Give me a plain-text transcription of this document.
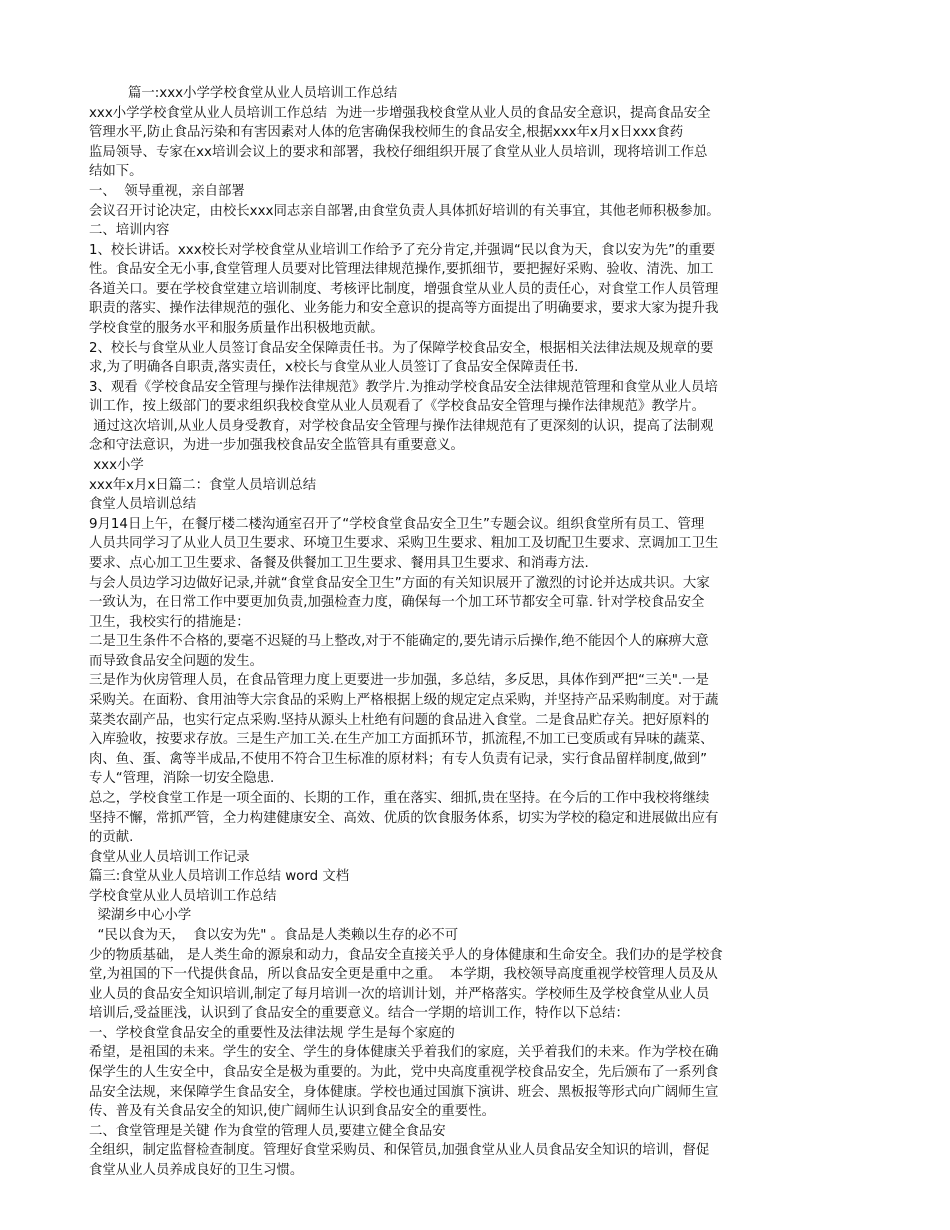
篇一:xxx小学学校食堂从业人员培训工作总结
xxx小学学校食堂从业人员培训工作总结  为进一步增强我校食堂从业人员的食品安全意识，提高食品安全
管理水平,防止食品污染和有害因素对人体的危害确保我校师生的食品安全,根据xxx年x月x日xxx食药
监局领导、专家在xx培训会议上的要求和部署，我校仔细组织开展了食堂从业人员培训，现将培训工作总
结如下。
一、  领导重视，亲自部署
会议召开讨论决定，由校长xxx同志亲自部署,由食堂负责人具体抓好培训的有关事宜，其他老师积极参加。
二、培训内容
1、校长讲话。xxx校长对学校食堂从业培训工作给予了充分肯定,并强调“民以食为天，食以安为先”的重要
性。食品安全无小事,食堂管理人员要对比管理法律规范操作,要抓细节，要把握好采购、验收、清洗、加工
各道关口。要在学校食堂建立培训制度、考核评比制度，增强食堂从业人员的责任心，对食堂工作人员管理
职责的落实、操作法律规范的强化、业务能力和安全意识的提高等方面提出了明确要求，要求大家为提升我
学校食堂的服务水平和服务质量作出积极地贡献。
2、校长与食堂从业人员签订食品安全保障责任书。为了保障学校食品安全，根据相关法律法规及规章的要
求,为了明确各自职责,落实责任，x校长与食堂从业人员签订了食品安全保障责任书.
3、观看《学校食品安全管理与操作法律规范》教学片.为推动学校食品安全法律规范管理和食堂从业人员培
训工作，按上级部门的要求组织我校食堂从业人员观看了《学校食品安全管理与操作法律规范》教学片。
通过这次培训,从业人员身受教育，对学校食品安全管理与操作法律规范有了更深刻的认识，提高了法制观
念和守法意识，为进一步加强我校食品安全监管具有重要意义。
xxx小学
xxx年x月x日篇二：食堂人员培训总结
食堂人员培训总结
9月14日上午，在餐厅楼二楼沟通室召开了“学校食堂食品安全卫生”专题会议。组织食堂所有员工、管理
人员共同学习了从业人员卫生要求、环境卫生要求、采购卫生要求、粗加工及切配卫生要求、烹调加工卫生
要求、点心加工卫生要求、备餐及供餐加工卫生要求、餐用具卫生要求、和消毒方法.
与会人员边学习边做好记录,并就“食堂食品安全卫生”方面的有关知识展开了激烈的讨论并达成共识。大家
一致认为，在日常工作中要更加负责,加强检查力度，确保每一个加工环节都安全可靠. 针对学校食品安全
卫生，我校实行的措施是：
二是卫生条件不合格的,要毫不迟疑的马上整改,对于不能确定的,要先请示后操作,绝不能因个人的麻痹大意
而导致食品安全问题的发生。
三是作为伙房管理人员，在食品管理力度上更要进一步加强，多总结，多反思，具体作到严把“三关".一是
采购关。在面粉、食用油等大宗食品的采购上严格根据上级的规定定点采购，并坚持产品采购制度。对于蔬
菜类农副产品，也实行定点采购.坚持从源头上杜绝有问题的食品进入食堂。二是食品贮存关。把好原料的
入库验收，按要求存放。三是生产加工关.在生产加工方面抓环节，抓流程,不加工已变质或有异味的蔬菜、
肉、鱼、蛋、禽等半成品,不使用不符合卫生标准的原材料；有专人负责有记录，实行食品留样制度,做到”
专人“管理，消除一切安全隐患.
总之，学校食堂工作是一项全面的、长期的工作，重在落实、细抓,贵在坚持。在今后的工作中我校将继续
坚持不懈，常抓严管，全力构建健康安全、高效、优质的饮食服务体系，切实为学校的稳定和进展做出应有
的贡献.
食堂从业人员培训工作记录
篇三:食堂从业人员培训工作总结 word 文档
学校食堂从业人员培训工作总结
梁湖乡中心小学
“民以食为天，  食以安为先" 。食品是人类赖以生存的必不可
少的物质基础， 是人类生命的源泉和动力，食品安全直接关乎人的身体健康和生命安全。我们办的是学校食
堂,为祖国的下一代提供食品，所以食品安全更是重中之重。  本学期，我校领导高度重视学校管理人员及从
业人员的食品安全知识培训,制定了每月培训一次的培训计划，并严格落实。学校师生及学校食堂从业人员
培训后,受益匪浅，认识到了食品安全的重要意义。结合一学期的培训工作，特作以下总结：
一、学校食堂食品安全的重要性及法律法规 学生是每个家庭的
希望，是祖国的未来。学生的安全、学生的身体健康关乎着我们的家庭，关乎着我们的未来。作为学校在确
保学生的人生安全中，食品安全是极为重要的。为此，党中央高度重视学校食品安全，先后颁布了一系列食
品安全法规，来保障学生食品安全，身体健康。学校也通过国旗下演讲、班会、黑板报等形式向广阔师生宣
传、普及有关食品安全的知识,使广阔师生认识到食品安全的重要性。
二、食堂管理是关键 作为食堂的管理人员,要建立健全食品安
全组织，制定监督检查制度。管理好食堂采购员、和保管员,加强食堂从业人员食品安全知识的培训，督促
食堂从业人员养成良好的卫生习惯。
